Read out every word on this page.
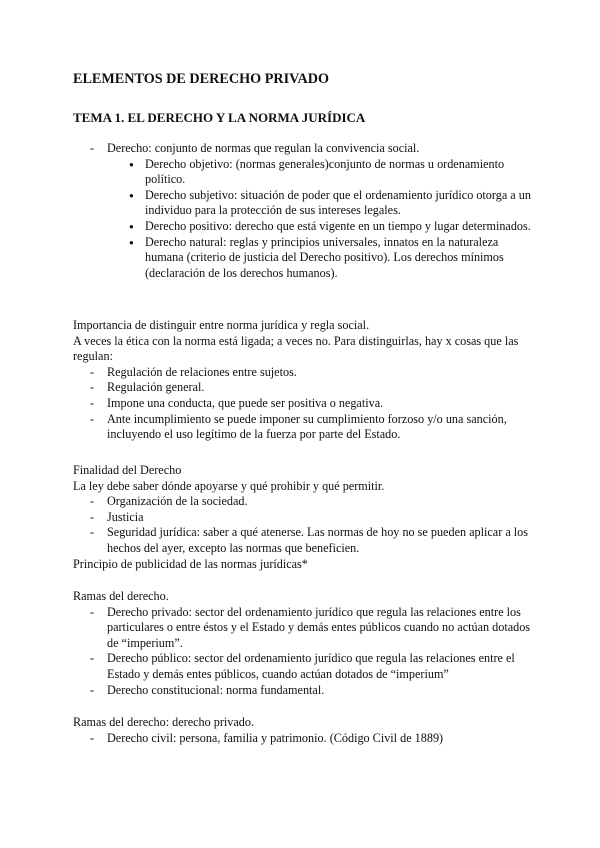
ELEMENTOS DE DERECHO PRIVADO
TEMA 1. EL DERECHO Y LA NORMA JURÍDICA
- Derecho: conjunto de normas que regulan la convivencia social.
● Derecho objetivo: (normas generales)conjunto de normas u ordenamiento político.
● Derecho subjetivo: situación de poder que el ordenamiento jurídico otorga a un individuo para la protección de sus intereses legales.
● Derecho positivo: derecho que está vigente en un tiempo y lugar determinados.
● Derecho natural: reglas y principios universales, innatos en la naturaleza humana (criterio de justicia del Derecho positivo). Los derechos mínimos (declaración de los derechos humanos).

Importancia de distinguir entre norma jurídica y regla social.

A veces la ética con la norma está ligada; a veces no. Para distinguirlas, hay x cosas que las regulan:

- Regulación de relaciones entre sujetos.
- Regulación general.
- Impone una conducta, que puede ser positiva o negativa.
- Ante incumplimiento se puede imponer su cumplimiento forzoso y/o una sanción, incluyendo el uso legítimo de la fuerza por parte del Estado.

Finalidad del Derecho

La ley debe saber dónde apoyarse y qué prohibir y qué permitir.

- Organización de la sociedad.
- Justicia
- Seguridad jurídica: saber a qué atenerse. Las normas de hoy no se pueden aplicar a los hechos del ayer, excepto las normas que beneficien.

Principio de publicidad de las normas jurídicas*

Ramas del derecho.

- Derecho privado: sector del ordenamiento jurídico que regula las relaciones entre los particulares o entre éstos y el Estado y demás entes públicos cuando no actúan dotados de “imperium”.
- Derecho público: sector del ordenamiento jurídico que regula las relaciones entre el Estado y demás entes públicos, cuando actúan dotados de “imperium”
- Derecho constitucional: norma fundamental.

Ramas del derecho: derecho privado.

- Derecho civil: persona, familia y patrimonio. (Código Civil de 1889)
